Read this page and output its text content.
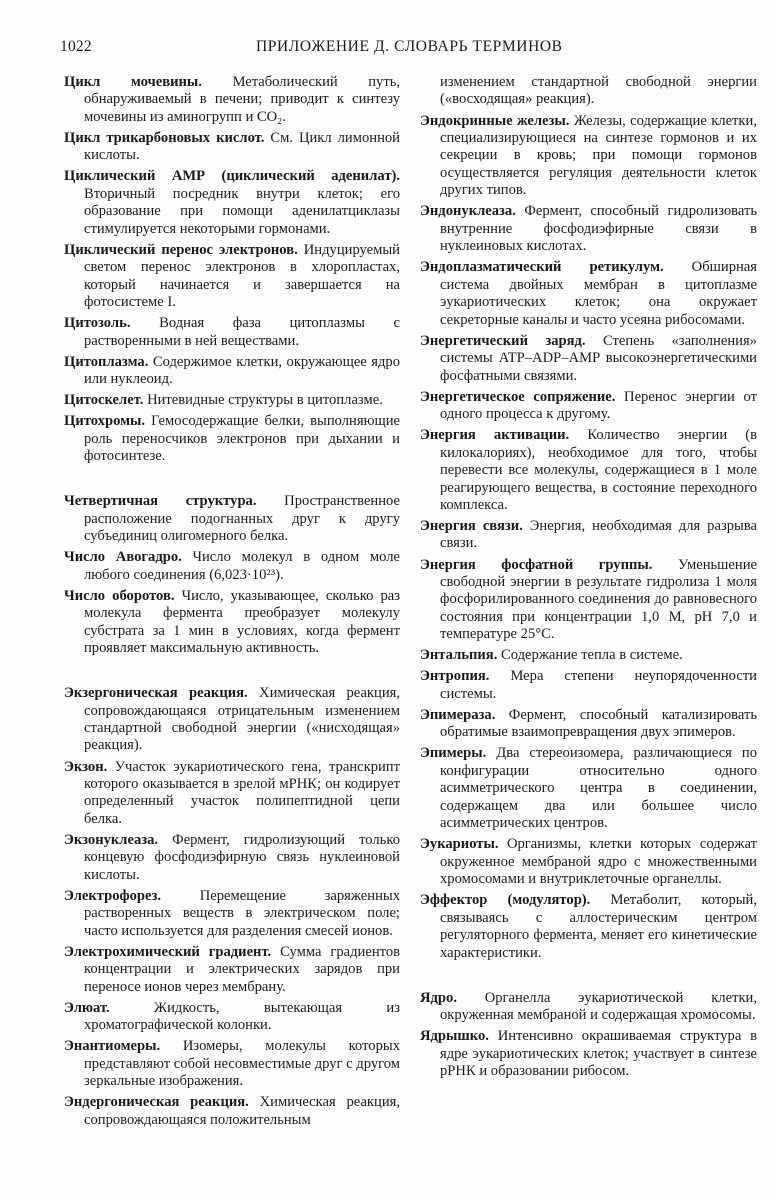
1022	ПРИЛОЖЕНИЕ Д. СЛОВАРЬ ТЕРМИНОВ

Цикл мочевины. Метаболический путь, обнаруживаемый в печени; приводит к синтезу мочевины из аминогрупп и CO₂.

Цикл трикарбоновых кислот. См. Цикл лимонной кислоты.

Циклический АМР (циклический аденилат). Вторичный посредник внутри клеток; его образование при помощи аденилатциклазы стимулируется некоторыми гормонами.

Циклический перенос электронов. Индуцируемый светом перенос электронов в хлоропластах, который начинается и завершается на фотосистеме I.

Цитозоль. Водная фаза цитоплазмы с растворенными в ней веществами.

Цитоплазма. Содержимое клетки, окружающее ядро или нуклеоид.

Цитоскелет. Нитевидные структуры в цитоплазме.

Цитохромы. Гемосодержащие белки, выполняющие роль переносчиков электронов при дыхании и фотосинтезе.

Четвертичная структура. Пространственное расположение подогнанных друг к другу субъединиц олигомерного белка.

Число Авогадро. Число молекул в одном моле любого соединения (6,023·10²³).

Число оборотов. Число, указывающее, сколько раз молекула фермента преобразует молекулу субстрата за 1 мин в условиях, когда фермент проявляет максимальную активность.

Экзергоническая реакция. Химическая реакция, сопровождающаяся отрицательным изменением стандартной свободной энергии («нисходящая» реакция).

Экзон. Участок эукариотического гена, транскрипт которого оказывается в зрелой мРНК; он кодирует определенный участок полипептидной цепи белка.

Экзонуклеаза. Фермент, гидролизующий только концевую фосфодиэфирную связь нуклеиновой кислоты.

Электрофорез. Перемещение заряженных растворенных веществ в электрическом поле; часто используется для разделения смесей ионов.

Электрохимический градиент. Сумма градиентов концентрации и электрических зарядов при переносе ионов через мембрану.

Элюат. Жидкость, вытекающая из хроматографической колонки.

Энантиомеры. Изомеры, молекулы которых представляют собой несовместимые друг с другом зеркальные изображения.

Эндергоническая реакция. Химическая реакция, сопровождающаяся положительным

изменением стандартной свободной энергии («восходящая» реакция).

Эндокринные железы. Железы, содержащие клетки, специализирующиеся на синтезе гормонов и их секреции в кровь; при помощи гормонов осуществляется регуляция деятельности клеток других типов.

Эндонуклеаза. Фермент, способный гидролизовать внутренние фосфодиэфирные связи в нуклеиновых кислотах.

Эндоплазматический ретикулум. Обширная система двойных мембран в цитоплазме эукариотических клеток; она окружает секреторные каналы и часто усеяна рибосомами.

Энергетический заряд. Степень «заполнения» системы ATP–ADP–AMP высокоэнергетическими фосфатными связями.

Энергетическое сопряжение. Перенос энергии от одного процесса к другому.

Энергия активации. Количество энергии (в килокалориях), необходимое для того, чтобы перевести все молекулы, содержащиеся в 1 моле реагирующего вещества, в состояние переходного комплекса.

Энергия связи. Энергия, необходимая для разрыва связи.

Энергия фосфатной группы. Уменьшение свободной энергии в результате гидролиза 1 моля фосфорилированного соединения до равновесного состояния при концентрации 1,0 М, pH 7,0 и температуре 25°С.

Энтальпия. Содержание тепла в системе.

Энтропия. Мера степени неупорядоченности системы.

Эпимераза. Фермент, способный катализировать обратимые взаимопревращения двух эпимеров.

Эпимеры. Два стереоизомера, различающиеся по конфигурации относительно одного асимметрического центра в соединении, содержащем два или большее число асимметрических центров.

Эукариоты. Организмы, клетки которых содержат окруженное мембраной ядро с множественными хромосомами и внутриклеточные органеллы.

Эффектор (модулятор). Метаболит, который, связываясь с аллостерическим центром регуляторного фермента, меняет его кинетические характеристики.

Ядро. Органелла эукариотической клетки, окруженная мембраной и содержащая хромосомы.

Ядрышко. Интенсивно окрашиваемая структура в ядре эукариотических клеток; участвует в синтезе рРНК и образовании рибосом.
